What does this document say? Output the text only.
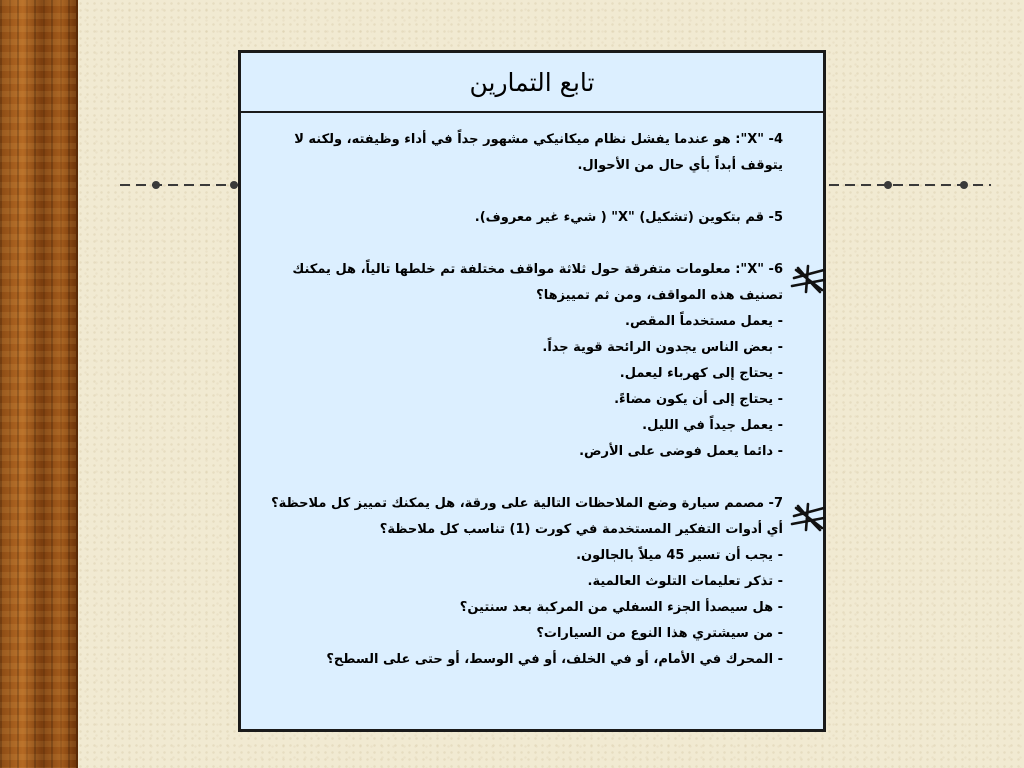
تابع التمارين

4- "X": هو عندما يفشل نظام ميكانيكي مشهور جداً في أداء وظيفته، ولكنه لا يتوقف أبداً بأي حال من الأحوال.

5- قم بتكوين (تشكيل) "X" ( شيء غير معروف).

6- "X": معلومات متفرقة حول ثلاثة مواقف مختلفة تم خلطها تالياً، هل يمكنك تصنيف هذه المواقف، ومن ثم تمييزها؟

- يعمل مستخدماً المقص.

- بعض الناس يجدون الرائحة قوية جداً.

- يحتاج إلى كهرباء ليعمل.

- يحتاج إلى أن يكون مضاءً.

- يعمل جيداً في الليل.

- دائما يعمل فوضى على الأرض.

7- مصمم سيارة وضع الملاحظات التالية على ورقة، هل يمكنك تمييز كل ملاحظة؟ أي أدوات التفكير المستخدمة في كورت (1) تناسب كل ملاحظة؟

- يجب أن تسير 45 ميلاً بالجالون.

- تذكر تعليمات التلوث العالمية.

- هل سيصدأ الجزء السفلي من المركبة بعد سنتين؟

- من سيشتري هذا النوع من السيارات؟

- المحرك في الأمام، أو في الخلف، أو في الوسط، أو حتى على السطح؟
